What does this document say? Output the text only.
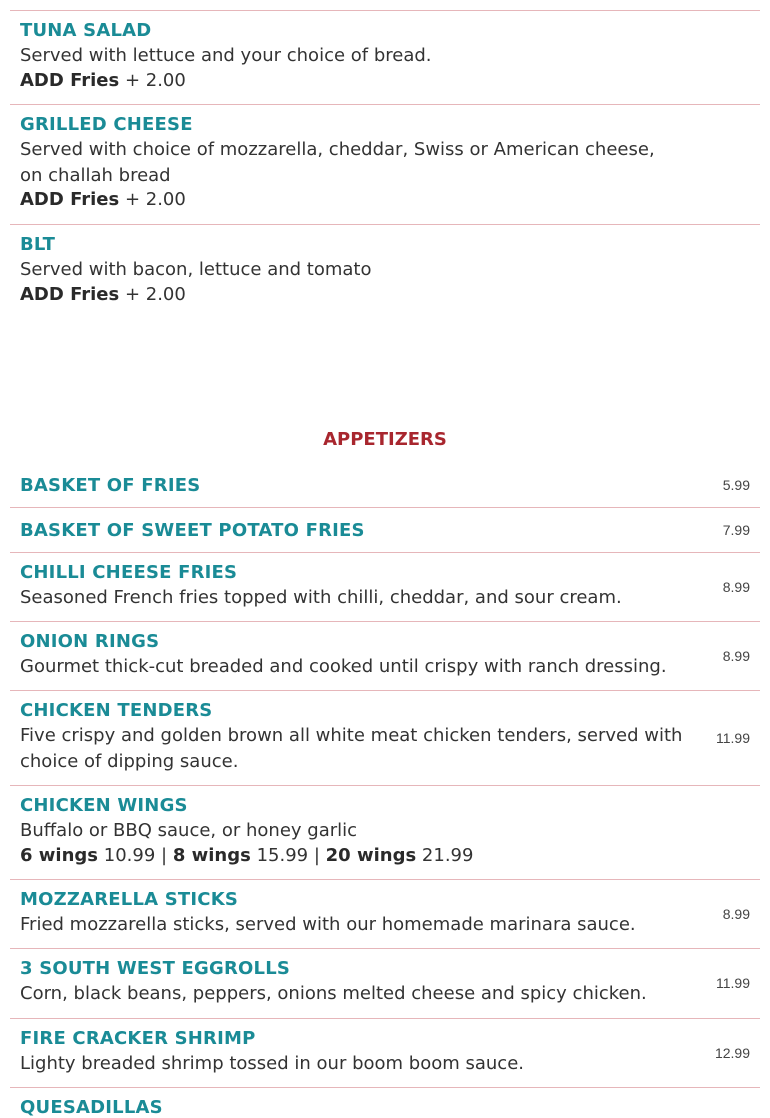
TUNA SALAD
Served with lettuce and your choice of bread.
ADD Fries + 2.00
GRILLED CHEESE
Served with choice of mozzarella, cheddar, Swiss or American cheese, on challah bread
ADD Fries + 2.00
BLT
Served with bacon, lettuce and tomato
ADD Fries + 2.00
APPETIZERS
BASKET OF FRIES	5.99
BASKET OF SWEET POTATO FRIES	7.99
CHILLI CHEESE FRIES
Seasoned French fries topped with chilli, cheddar, and sour cream.	8.99
ONION RINGS
Gourmet thick-cut breaded and cooked until crispy with ranch dressing.	8.99
CHICKEN TENDERS
Five crispy and golden brown all white meat chicken tenders, served with choice of dipping sauce.
11.99
CHICKEN WINGS
Buffalo or BBQ sauce, or honey garlic
6 wings 10.99 | 8 wings 15.99 | 20 wings 21.99
MOZZARELLA STICKS
Fried mozzarella sticks, served with our homemade marinara sauce.	8.99
3 SOUTH WEST EGGROLLS
Corn, black beans, peppers, onions melted cheese and spicy chicken.	11.99
FIRE CRACKER SHRIMP
Lighty breaded shrimp tossed in our boom boom sauce.	12.99
QUESADILLAS
